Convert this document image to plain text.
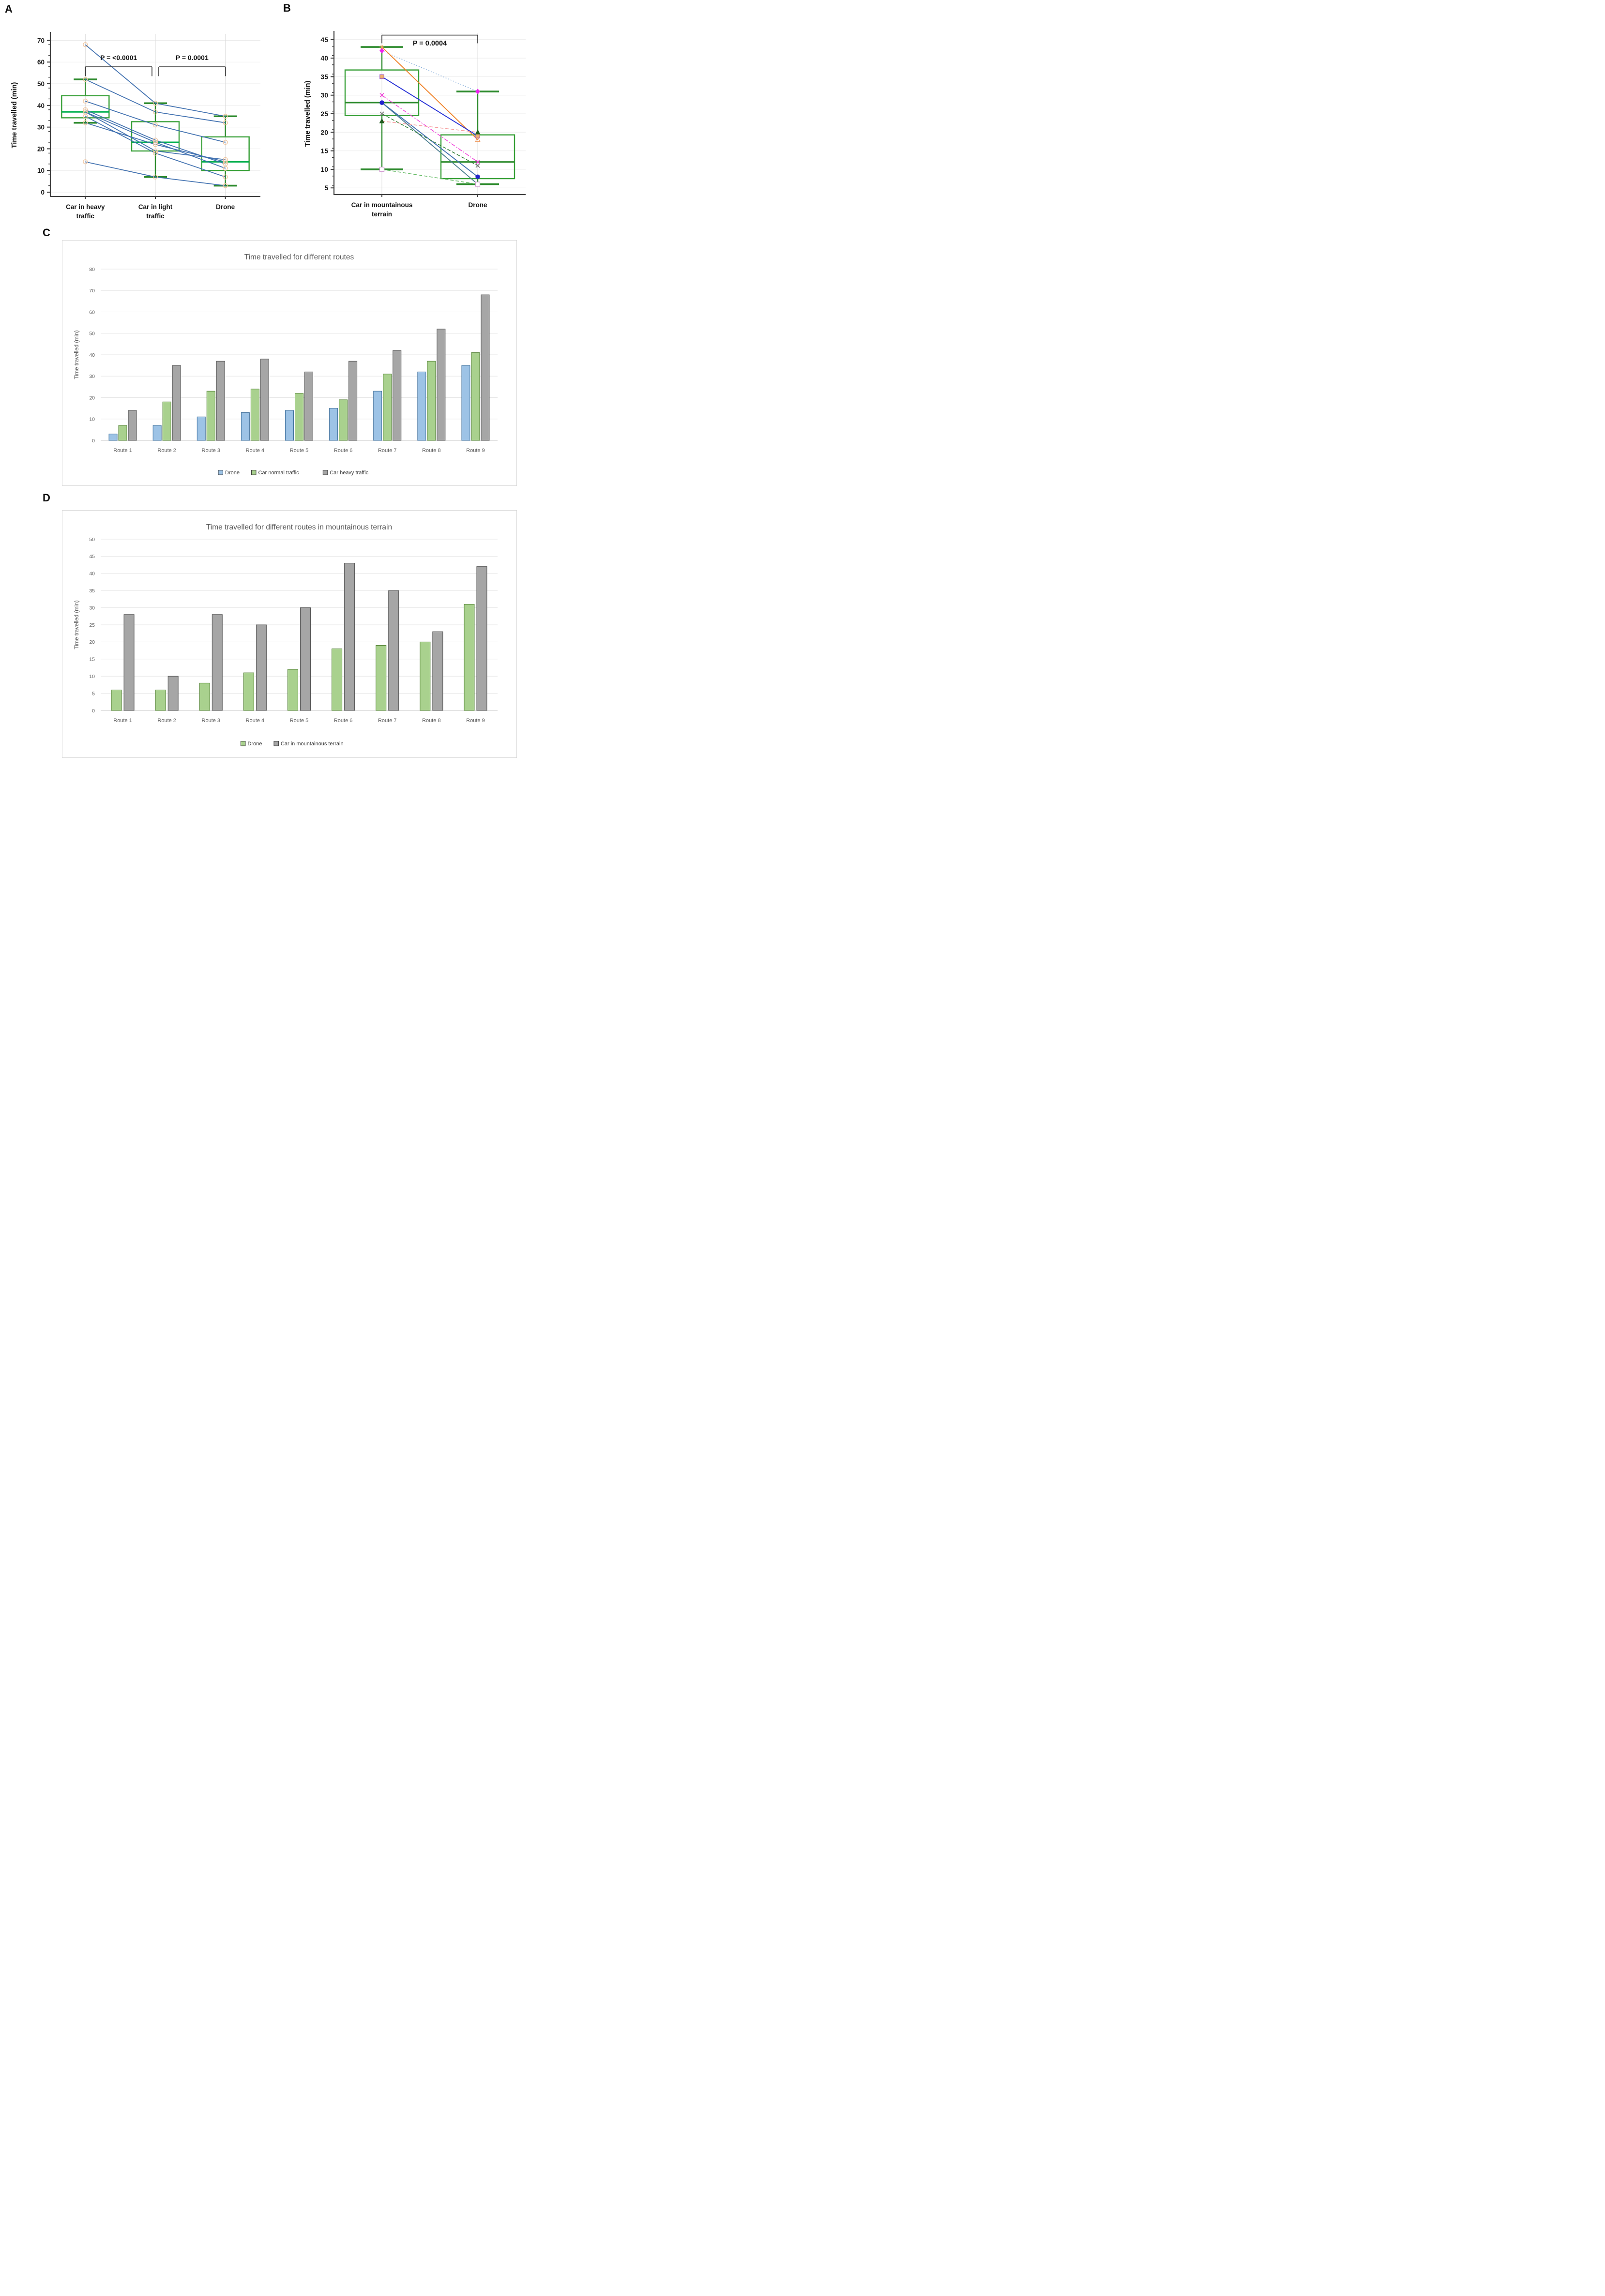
A	B
0
10
20
30
40
50
60
70
Car in heavy
traffic
Car in light
traffic
Drone
Time travelled (min)
P = <0.0001	P = 0.0001
5
10
15
20
25
30
35
40
45
Car in mountainous
terrain
Drone
Time travelled (min)
P = 0.0004
C
Time travelled for different routes
0
10
20
30
40
50
60
70
80
Time travelled (min)
Route 1	Route 2	Route 3	Route 4	Route 5	Route 6	Route 7	Route 8	Route 9
Drone	Car normal traffic	Car heavy traffic
D
Time travelled for different routes in mountainous terrain
0
5
10
15
20
25
30
35
40
45
50
Time travelled (min)
Route 1	Route 2	Route 3	Route 4	Route 5	Route 6	Route 7	Route 8	Route 9
Drone	Car in mountainous terrain
